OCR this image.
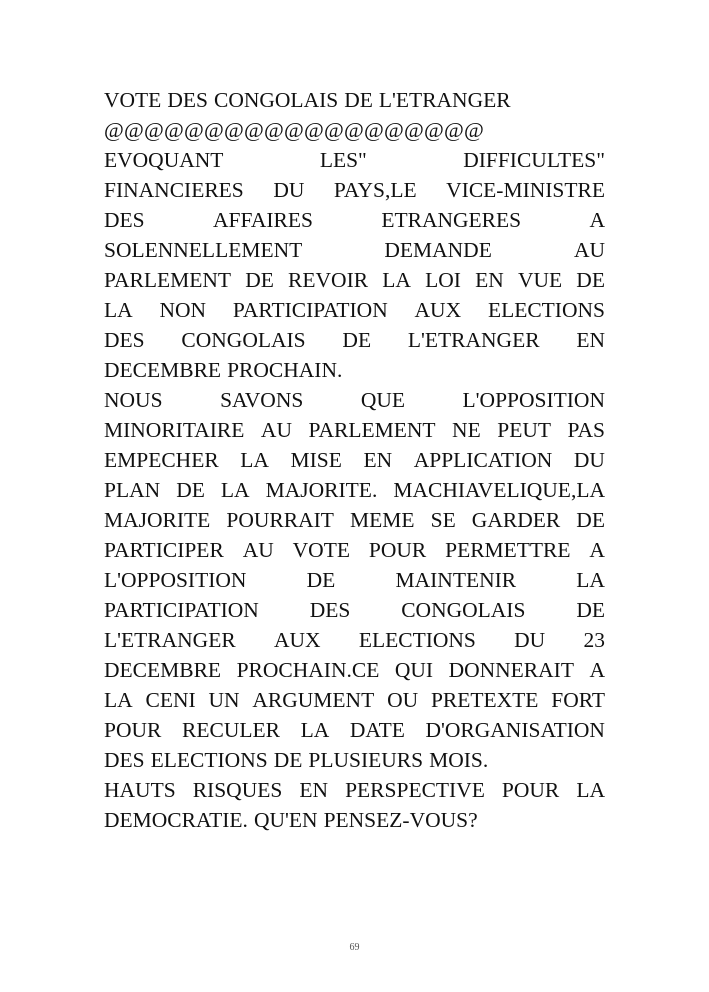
VOTE DES CONGOLAIS DE L'ETRANGER
@@@@@@@@@@@@@@@@@@@
EVOQUANT	LES"	DIFFICULTES"
FINANCIERES DU PAYS,LE VICE-MINISTRE
DES	AFFAIRES	ETRANGERES	A
SOLENNELLEMENT	DEMANDE	AU
PARLEMENT DE REVOIR LA LOI EN VUE DE
LA NON PARTICIPATION AUX ELECTIONS
DES CONGOLAIS DE L'ETRANGER EN
DECEMBRE PROCHAIN.
NOUS	SAVONS	QUE	L'OPPOSITION
MINORITAIRE AU PARLEMENT NE PEUT PAS
EMPECHER LA MISE EN APPLICATION DU
PLAN DE LA MAJORITE. MACHIAVELIQUE,LA
MAJORITE POURRAIT MEME SE GARDER DE
PARTICIPER AU VOTE POUR PERMETTRE A
L'OPPOSITION	DE	MAINTENIR	LA
PARTICIPATION DES CONGOLAIS DE
L'ETRANGER AUX ELECTIONS DU 23
DECEMBRE PROCHAIN.CE QUI DONNERAIT A
LA CENI UN ARGUMENT OU PRETEXTE FORT
POUR RECULER LA DATE D'ORGANISATION
DES ELECTIONS DE PLUSIEURS MOIS.
HAUTS RISQUES EN PERSPECTIVE POUR LA
DEMOCRATIE. QU'EN PENSEZ-VOUS?
69
